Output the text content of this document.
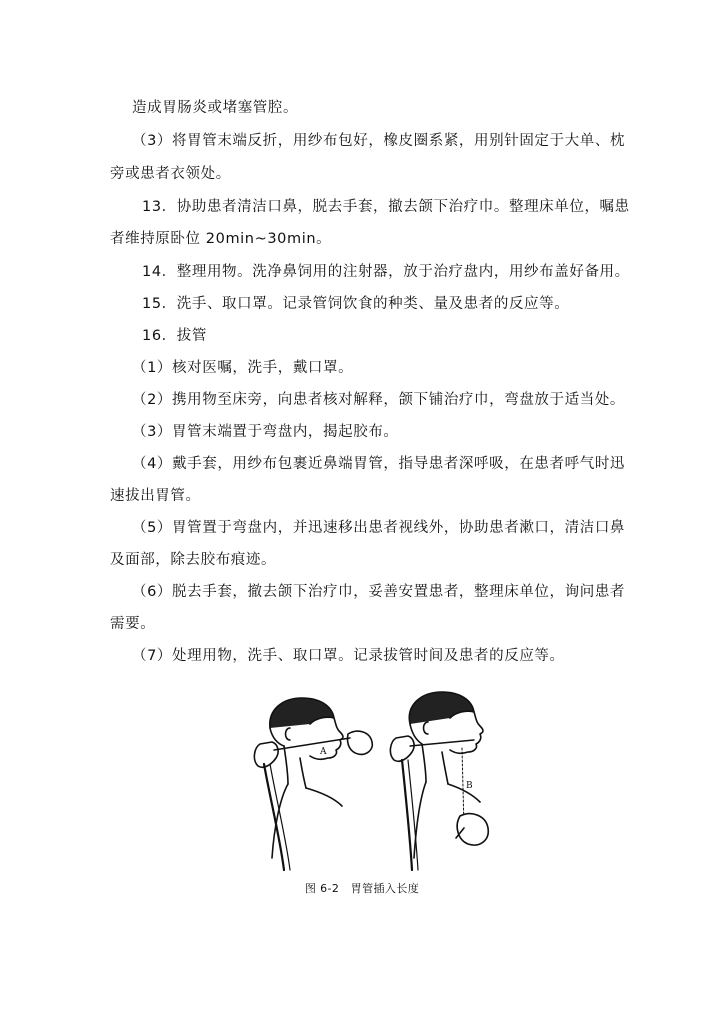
造成胃肠炎或堵塞管腔。
（3）将胃管末端反折，用纱布包好，橡皮圈系紧，用别针固定于大单、枕
旁或患者衣领处。
13．协助患者清洁口鼻，脱去手套，撤去颌下治疗巾。整理床单位，嘱患
者维持原卧位 20min~30min。
14．整理用物。洗净鼻饲用的注射器，放于治疗盘内，用纱布盖好备用。
15．洗手、取口罩。记录管饲饮食的种类、量及患者的反应等。
16．拔管
（1）核对医嘱，洗手，戴口罩。
（2）携用物至床旁，向患者核对解释，颌下铺治疗巾，弯盘放于适当处。
（3）胃管末端置于弯盘内，揭起胶布。
（4）戴手套，用纱布包裹近鼻端胃管，指导患者深呼吸，在患者呼气时迅
速拔出胃管。
（5）胃管置于弯盘内，并迅速移出患者视线外，协助患者漱口，清洁口鼻
及面部，除去胶布痕迹。
（6）脱去手套，撤去颌下治疗巾，妥善安置患者，整理床单位，询问患者
需要。
（7）处理用物，洗手、取口罩。记录拔管时间及患者的反应等。
A
B
图 6-2　胃管插入长度
